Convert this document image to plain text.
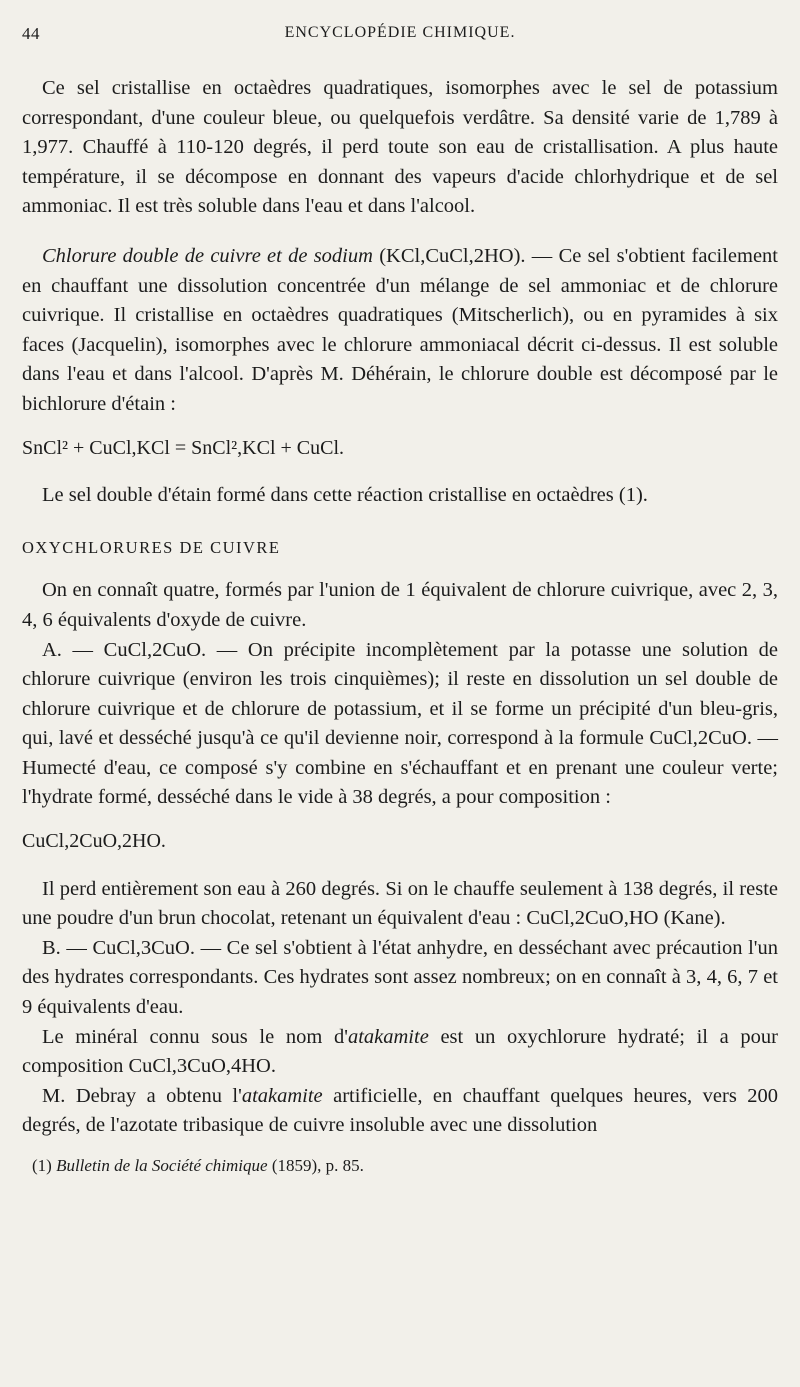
44	ENCYCLOPÉDIE CHIMIQUE.

Ce sel cristallise en octaèdres quadratiques, isomorphes avec le sel de potassium correspondant, d'une couleur bleue, ou quelquefois verdâtre. Sa densité varie de 1,789 à 1,977. Chauffé à 110-120 degrés, il perd toute son eau de cristallisation. A plus haute température, il se décompose en donnant des vapeurs d'acide chlorhydrique et de sel ammoniac. Il est très soluble dans l'eau et dans l'alcool.

Chlorure double de cuivre et de sodium (KCl,CuCl,2HO). — Ce sel s'obtient facilement en chauffant une dissolution concentrée d'un mélange de sel ammoniac et de chlorure cuivrique. Il cristallise en octaèdres quadratiques (Mitscherlich), ou en pyramides à six faces (Jacquelin), isomorphes avec le chlorure ammoniacal décrit ci-dessus. Il est soluble dans l'eau et dans l'alcool. D'après M. Déhérain, le chlorure double est décomposé par le bichlorure d'étain :

SnCl² + CuCl,KCl = SnCl²,KCl + CuCl.

Le sel double d'étain formé dans cette réaction cristallise en octaèdres (1).

OXYCHLORURES DE CUIVRE

On en connaît quatre, formés par l'union de 1 équivalent de chlorure cuivrique, avec 2, 3, 4, 6 équivalents d'oxyde de cuivre.

A. — CuCl,2CuO. — On précipite incomplètement par la potasse une solution de chlorure cuivrique (environ les trois cinquièmes); il reste en dissolution un sel double de chlorure cuivrique et de chlorure de potassium, et il se forme un précipité d'un bleu-gris, qui, lavé et desséché jusqu'à ce qu'il devienne noir, correspond à la formule CuCl,2CuO. — Humecté d'eau, ce composé s'y combine en s'échauffant et en prenant une couleur verte; l'hydrate formé, desséché dans le vide à 38 degrés, a pour composition :

CuCl,2CuO,2HO.

Il perd entièrement son eau à 260 degrés. Si on le chauffe seulement à 138 degrés, il reste une poudre d'un brun chocolat, retenant un équivalent d'eau : CuCl,2CuO,HO (Kane).

B. — CuCl,3CuO. — Ce sel s'obtient à l'état anhydre, en desséchant avec précaution l'un des hydrates correspondants. Ces hydrates sont assez nombreux; on en connaît à 3, 4, 6, 7 et 9 équivalents d'eau.

Le minéral connu sous le nom d'atakamite est un oxychlorure hydraté; il a pour composition CuCl,3CuO,4HO.

M. Debray a obtenu l'atakamite artificielle, en chauffant quelques heures, vers 200 degrés, de l'azotate tribasique de cuivre insoluble avec une dissolution

(1) Bulletin de la Société chimique (1859), p. 85.
